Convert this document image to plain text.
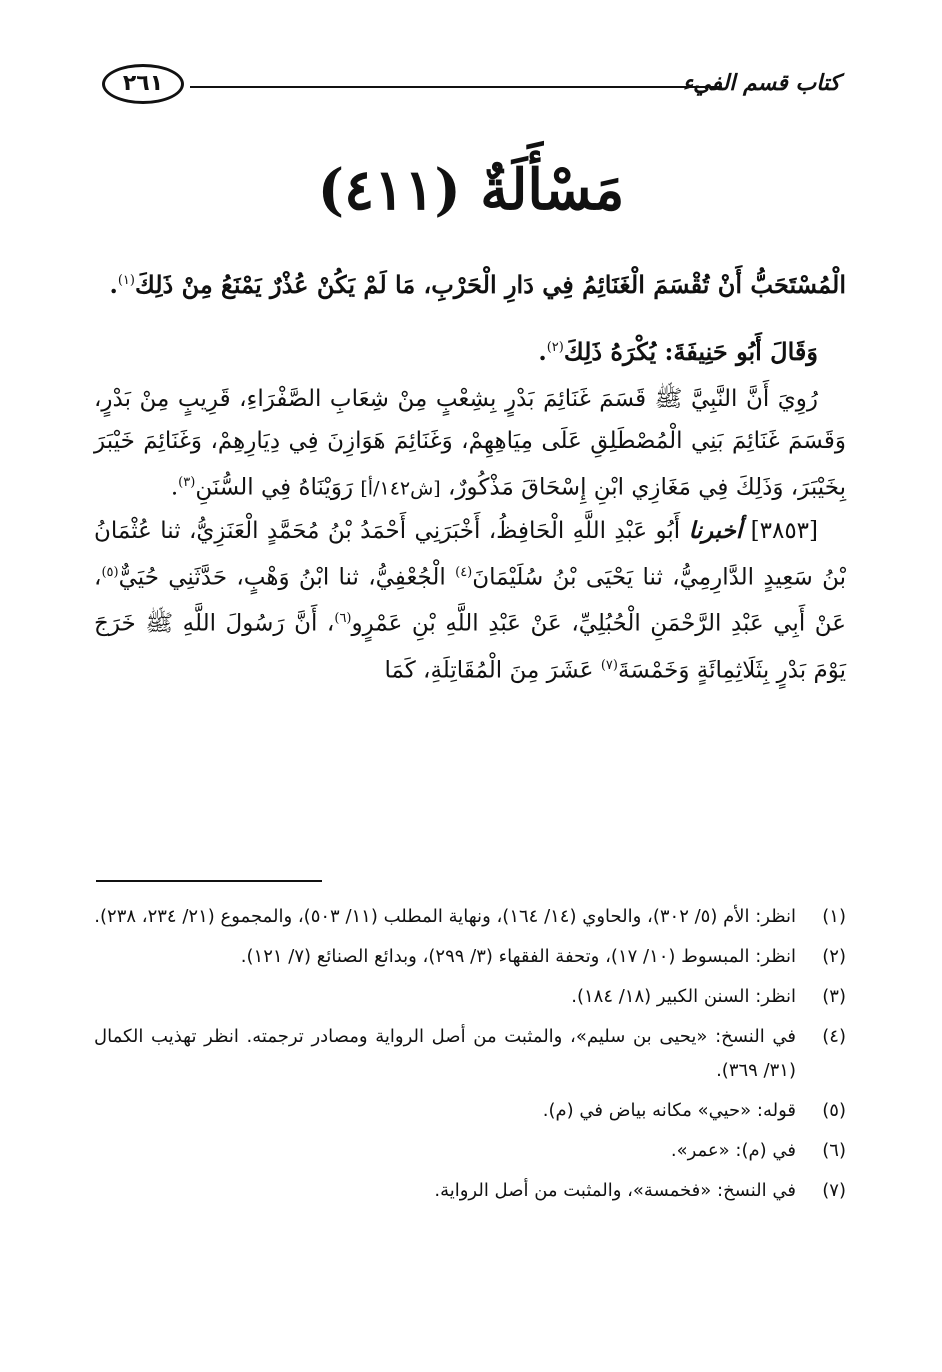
كتاب قسم الفيء
٢٦١
مَسْأَلَةٌ (٤١١)

الْمُسْتَحَبُّ أَنْ تُقْسَمَ الْغَنَائِمُ فِي دَارِ الْحَرْبِ، مَا لَمْ يَكُنْ عُذْرٌ يَمْنَعُ مِنْ ذَلِكَ$^{(١)}$.

وَقَالَ أَبُو حَنِيفَةَ: يُكْرَهُ ذَلِكَ$^{(٢)}$.

رُوِيَ أَنَّ النَّبِيَّ ﷺ قَسَمَ غَنَائِمَ بَدْرٍ بِشِعْبٍ مِنْ شِعَابِ الصَّفْرَاءِ، قَرِيبٍ مِنْ بَدْرٍ، وَقَسَمَ غَنَائِمَ بَنِي الْمُصْطَلِقِ عَلَى مِيَاهِهِمْ، وَغَنَائِمَ هَوَازِنَ فِي دِيَارِهِمْ، وَغَنَائِمَ خَيْبَرَ بِخَيْبَرَ، وَذَلِكَ فِي مَغَازِي ابْنِ إِسْحَاقَ مَذْكُورٌ، [ش١٤٢/أ] رَوَيْنَاهُ فِي السُّنَنِ$^{(٣)}$.

[٣٨٥٣] أخبرنا أَبُو عَبْدِ اللَّهِ الْحَافِظُ، أَخْبَرَنِي أَحْمَدُ بْنُ مُحَمَّدٍ الْعَنَزِيُّ، ثنا عُثْمَانُ بْنُ سَعِيدٍ الدَّارِمِيُّ، ثنا يَحْيَى بْنُ سُلَيْمَانَ$^{(٤)}$ الْجُعْفِيُّ، ثنا ابْنُ وَهْبٍ، حَدَّثَنِي حُيَيٌّ$^{(٥)}$، عَنْ أَبِي عَبْدِ الرَّحْمَنِ الْحُبُلِيِّ، عَنْ عَبْدِ اللَّهِ بْنِ عَمْرٍو$^{(٦)}$، أَنَّ رَسُولَ اللَّهِ ﷺ خَرَجَ يَوْمَ بَدْرٍ بِثَلَاثِمِائَةٍ وَخَمْسَةَ$^{(٧)}$ عَشَرَ مِنَ الْمُقَاتِلَةِ، كَمَا

(١)
انظر: الأم (٥/ ٣٠٢)، والحاوي (١٤/ ١٦٤)، ونهاية المطلب (١١/ ٥٠٣)، والمجموع (٢١/ ٢٣٤، ٢٣٨).

(٢)
انظر: المبسوط (١٠/ ١٧)، وتحفة الفقهاء (٣/ ٢٩٩)، وبدائع الصنائع (٧/ ١٢١).

(٣)
انظر: السنن الكبير (١٨/ ١٨٤).

(٤)
في النسخ: «يحيى بن سليم»، والمثبت من أصل الرواية ومصادر ترجمته. انظر تهذيب الكمال (٣١/ ٣٦٩).

(٥)
قوله: «حيي» مكانه بياض في (م).

(٦)
في (م): «عمر».

(٧)
في النسخ: «فخمسة»، والمثبت من أصل الرواية.
